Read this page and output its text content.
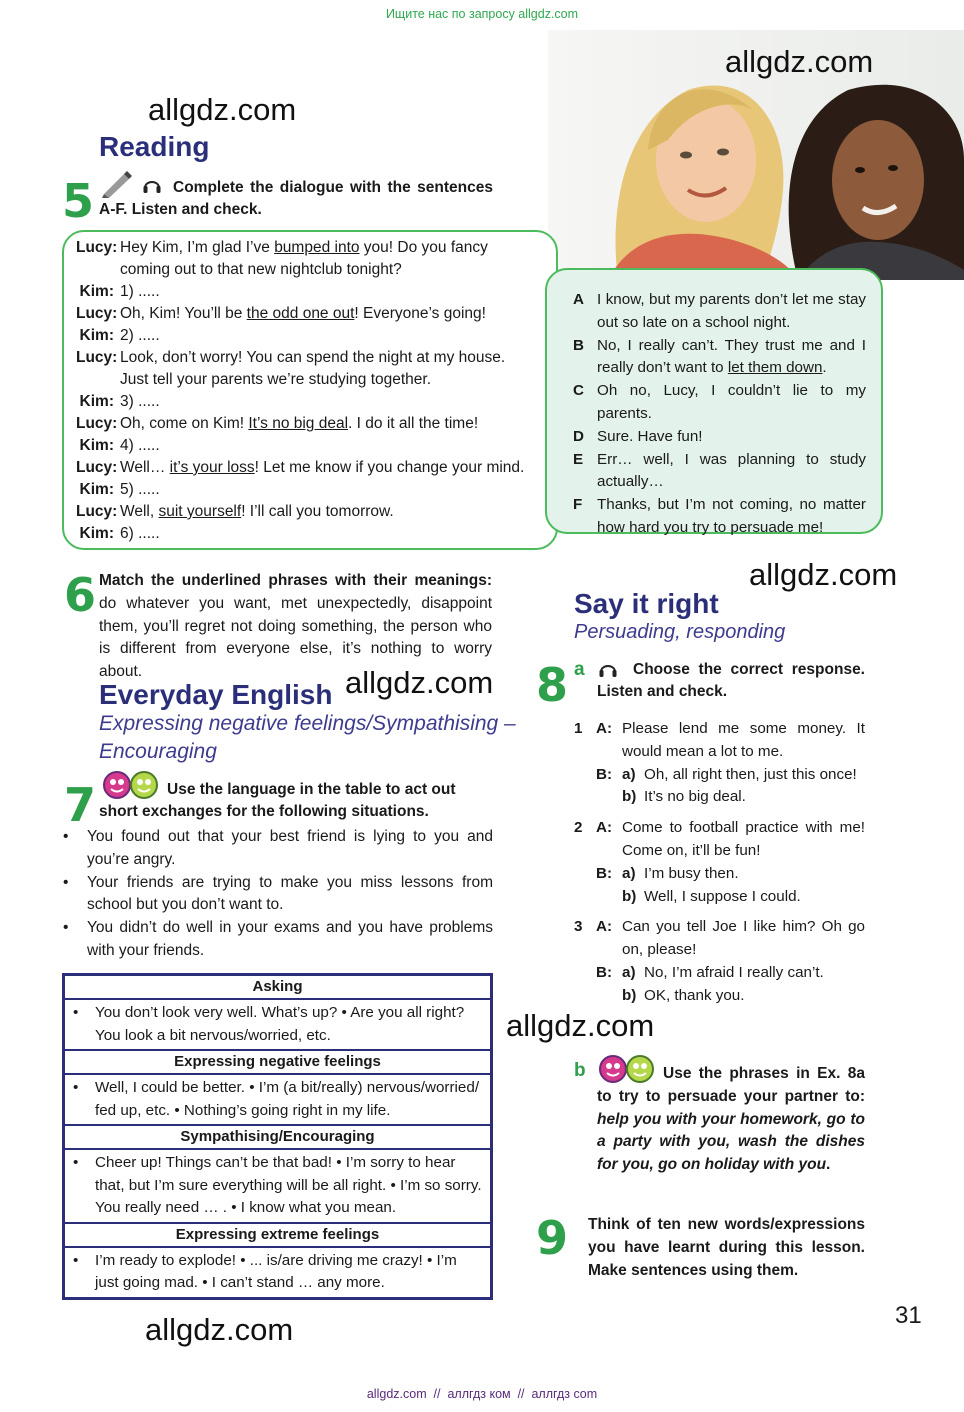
Ищите нас по запросу allgdz.com
allgdz.com
allgdz.com
allgdz.com
allgdz.com
allgdz.com
allgdz.com
Reading
5	Complete the dialogue with the sentences A-F. Listen and check.
Lucy: Hey Kim, I’m glad I’ve bumped into you! Do you fancy
coming out to that new nightclub tonight?
Kim: 1) .....
Lucy: Oh, Kim! You’ll be the odd one out! Everyone’s going!
Kim: 2) .....
Lucy: Look, don’t worry! You can spend the night at my house.
Just tell your parents we’re studying together.
Kim: 3) .....
Lucy: Oh, come on Kim! It’s no big deal. I do it all the time!
Kim: 4) .....
Lucy: Well… it’s your loss! Let me know if you change your mind.
Kim: 5) .....
Lucy: Well, suit yourself! I’ll call you tomorrow.
Kim: 6) .....
A I know, but my parents don’t let me stay out so late on a school night.
B No, I really can’t. They trust me and I really don’t want to let them down.
C Oh no, Lucy, I couldn’t lie to my parents.
D Sure. Have fun!
E Err… well, I was planning to study actually…
F Thanks, but I’m not coming, no matter how hard you try to persuade me!
6 Match the underlined phrases with their meanings: do whatever you want, met unexpectedly, disappoint them, you’ll regret not doing something, the person who is different from everyone else, it’s nothing to worry about.
Everyday English
Expressing negative feelings/Sympathising –
Encouraging
7	Use the language in the table to act out short exchanges for the following situations.
•	You found out that your best friend is lying to you and you’re angry.
•	Your friends are trying to make you miss lessons from school but you don’t want to.
•	You didn’t do well in your exams and you have problems with your friends.
Asking
•	You don’t look very well. What’s up? • Are you all right? You look a bit nervous/worried, etc.
Expressing negative feelings
•	Well, I could be better. • I’m (a bit/really) nervous/worried/ fed up, etc. • Nothing’s going right in my life.
Sympathising/Encouraging
•	Cheer up! Things can’t be that bad! • I’m sorry to hear that, but I’m sure everything will be all right. • I’m so sorry. You really need … . • I know what you mean.
Expressing extreme feelings
•	I’m ready to explode! • ... is/are driving me crazy! • I’m just going mad. • I can’t stand … any more.
Say it right
Persuading, responding
8 a	Choose the correct response. Listen and check.
1 A: Please lend me some money. It would mean a lot to me.
B: a) Oh, all right then, just this once!
b) It’s no big deal.
2 A: Come to football practice with me! Come on, it’ll be fun!
B: a) I’m busy then.
b) Well, I suppose I could.
3 A: Can you tell Joe I like him? Oh go on, please!
B: a) No, I’m afraid I really can’t.
b) OK, thank you.
b	Use the phrases in Ex. 8a to try to persuade your partner to: help you with your homework, go to a party with you, wash the dishes for you, go on holiday with you.
9 Think of ten new words/expressions you have learnt during this lesson. Make sentences using them.
31
allgdz.com  //  аллгдз ком  //  аллгдз com
